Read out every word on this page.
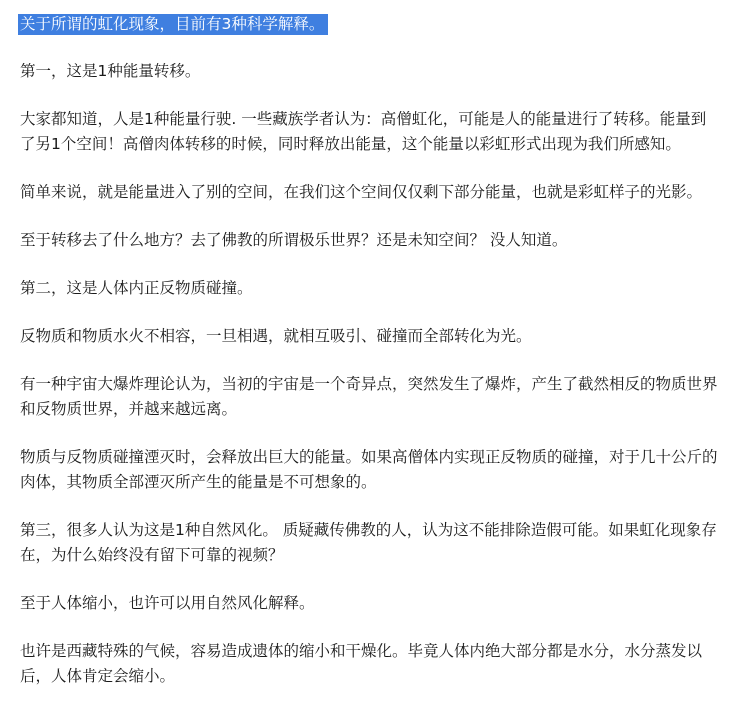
关于所谓的虹化现象，目前有3种科学解释。

第一，这是1种能量转移。

大家都知道，人是1种能量行驶. 一些藏族学者认为：高僧虹化，可能是人的能量进行了转移。能量到了另1个空间！高僧肉体转移的时候，同时释放出能量，这个能量以彩虹形式出现为我们所感知。

简单来说，就是能量进入了别的空间，在我们这个空间仅仅剩下部分能量，也就是彩虹样子的光影。

至于转移去了什么地方？去了佛教的所谓极乐世界？还是未知空间？ 没人知道。

第二，这是人体内正反物质碰撞。

反物质和物质水火不相容，一旦相遇，就相互吸引、碰撞而全部转化为光。

有一种宇宙大爆炸理论认为，当初的宇宙是一个奇异点，突然发生了爆炸，产生了截然相反的物质世界和反物质世界，并越来越远离。

物质与反物质碰撞湮灭时，会释放出巨大的能量。如果高僧体内实现正反物质的碰撞，对于几十公斤的肉体，其物质全部湮灭所产生的能量是不可想象的。

第三，很多人认为这是1种自然风化。 质疑藏传佛教的人，认为这不能排除造假可能。如果虹化现象存在，为什么始终没有留下可靠的视频？

至于人体缩小，也许可以用自然风化解释。

也许是西藏特殊的气候，容易造成遗体的缩小和干燥化。毕竟人体内绝大部分都是水分，水分蒸发以后，人体肯定会缩小。
